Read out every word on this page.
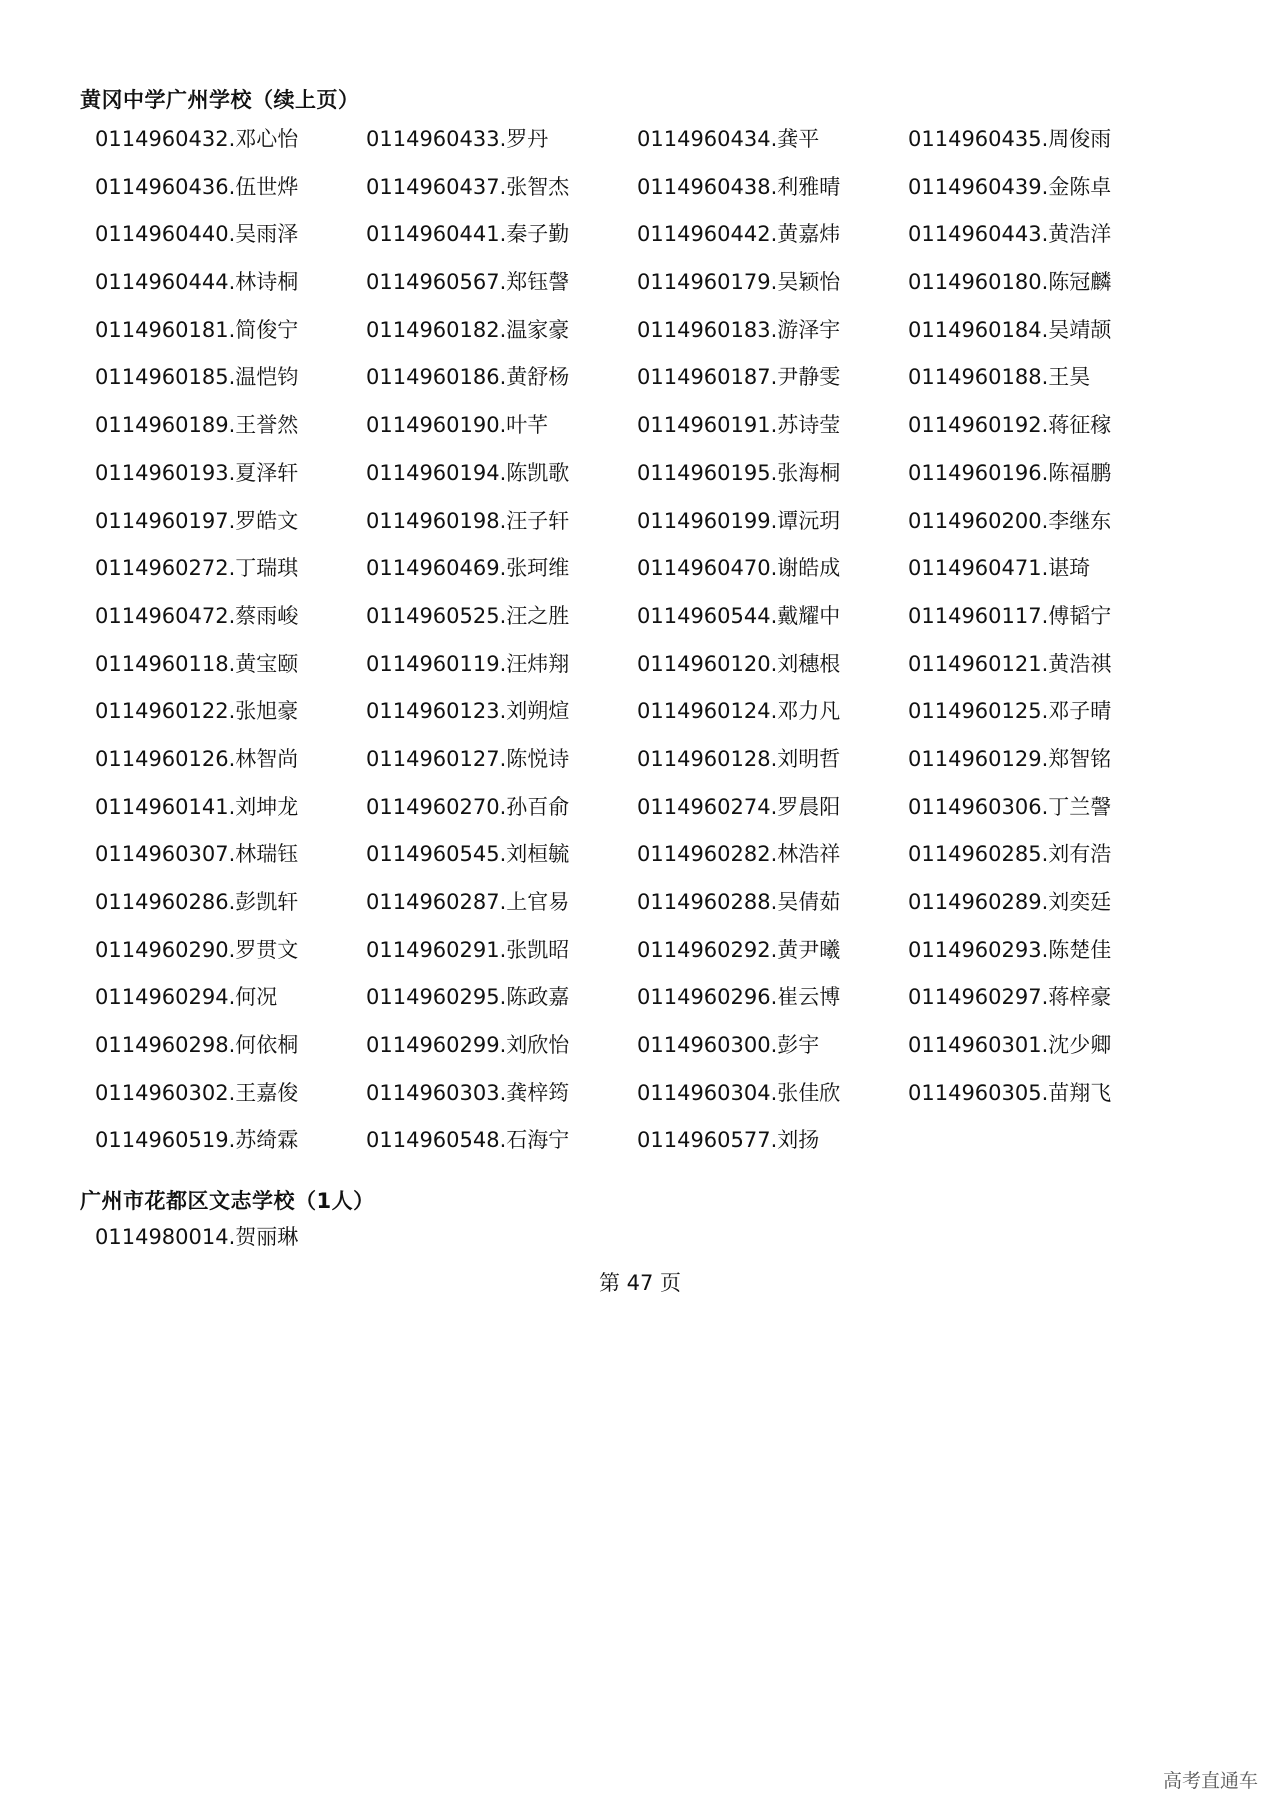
黄冈中学广州学校（续上页）
0114960432.邓心怡	0114960433.罗丹	0114960434.龚平	0114960435.周俊雨
0114960436.伍世烨	0114960437.张智杰	0114960438.利雅晴	0114960439.金陈卓
0114960440.吴雨泽	0114960441.秦子勤	0114960442.黄嘉炜	0114960443.黄浩洋
0114960444.林诗桐	0114960567.郑钰謦	0114960179.吴颖怡	0114960180.陈冠麟
0114960181.简俊宁	0114960182.温家豪	0114960183.游泽宇	0114960184.吴靖颉
0114960185.温恺钧	0114960186.黄舒杨	0114960187.尹静雯	0114960188.王昊
0114960189.王誉然	0114960190.叶芊	0114960191.苏诗莹	0114960192.蒋征稼
0114960193.夏泽轩	0114960194.陈凯歌	0114960195.张海桐	0114960196.陈福鹏
0114960197.罗皓文	0114960198.汪子轩	0114960199.谭沅玥	0114960200.李继东
0114960272.丁瑞琪	0114960469.张珂维	0114960470.谢皓成	0114960471.谌琦
0114960472.蔡雨峻	0114960525.汪之胜	0114960544.戴耀中	0114960117.傅韬宁
0114960118.黄宝颐	0114960119.汪炜翔	0114960120.刘穗根	0114960121.黄浩祺
0114960122.张旭豪	0114960123.刘朔煊	0114960124.邓力凡	0114960125.邓子晴
0114960126.林智尚	0114960127.陈悦诗	0114960128.刘明哲	0114960129.郑智铭
0114960141.刘坤龙	0114960270.孙百俞	0114960274.罗晨阳	0114960306.丁兰謦
0114960307.林瑞钰	0114960545.刘桓毓	0114960282.林浩祥	0114960285.刘有浩
0114960286.彭凯轩	0114960287.上官易	0114960288.吴倩茹	0114960289.刘奕廷
0114960290.罗贯文	0114960291.张凯昭	0114960292.黄尹曦	0114960293.陈楚佳
0114960294.何况	0114960295.陈政嘉	0114960296.崔云博	0114960297.蒋梓豪
0114960298.何依桐	0114960299.刘欣怡	0114960300.彭宇	0114960301.沈少卿
0114960302.王嘉俊	0114960303.龚梓筠	0114960304.张佳欣	0114960305.苗翔飞
0114960519.苏绮霖	0114960548.石海宁	0114960577.刘扬
广州市花都区文志学校（1人）
0114980014.贺丽琳
第 47 页
高考直通车
